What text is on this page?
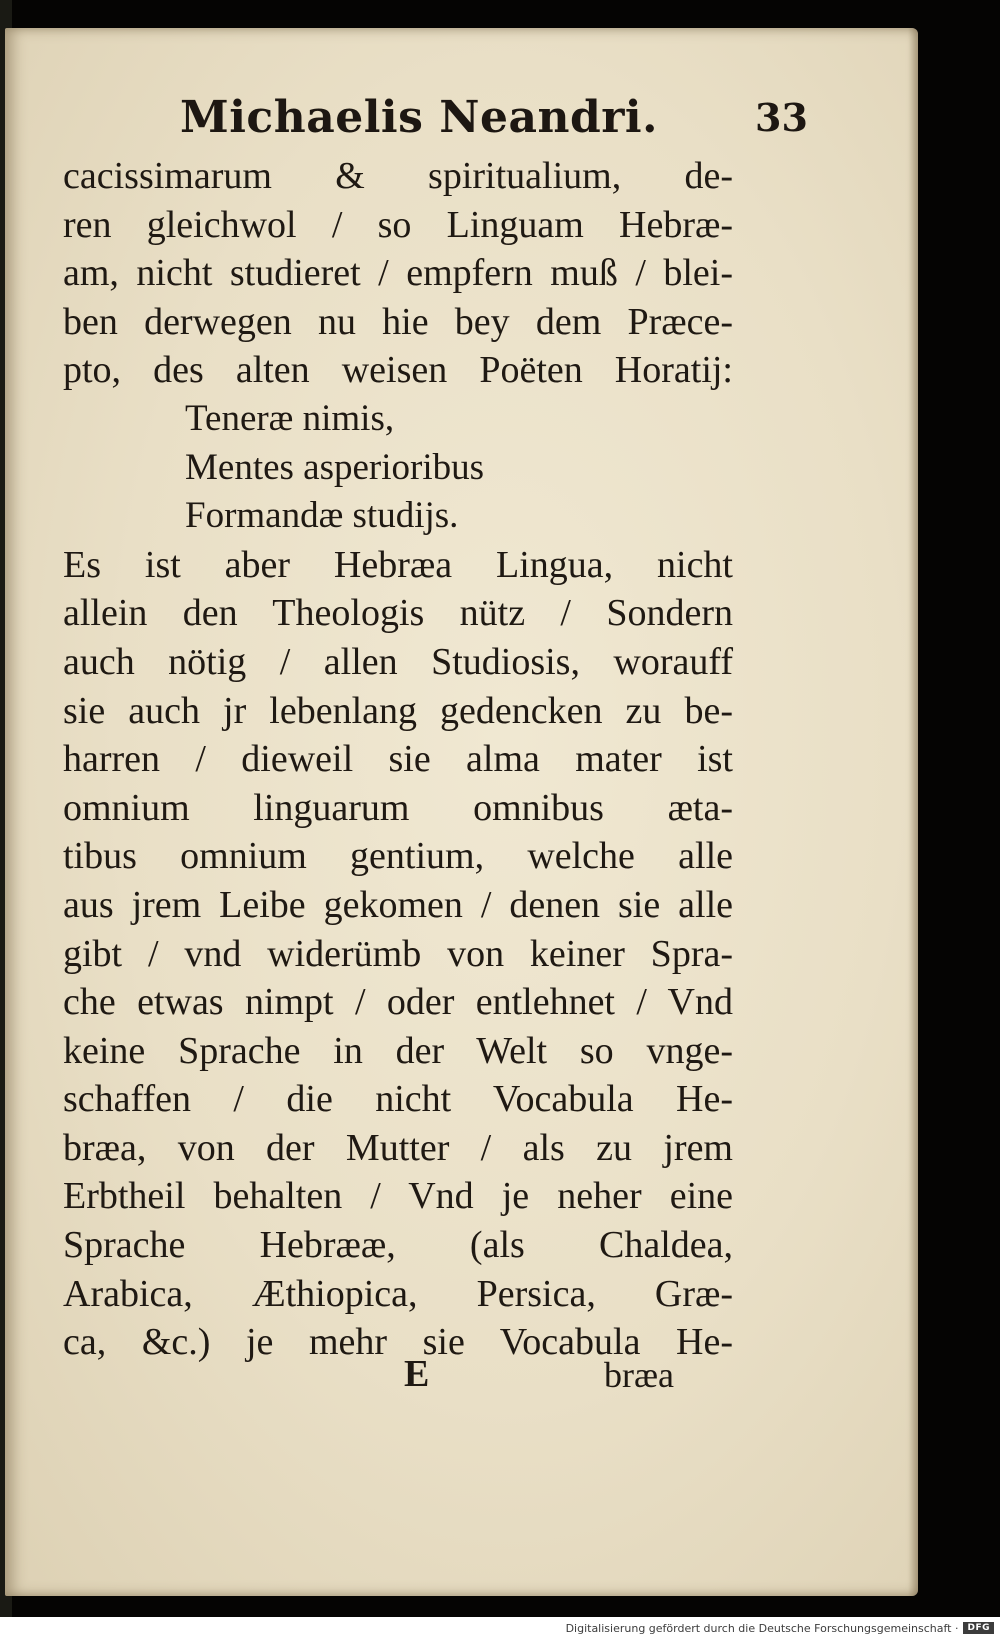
Michaelis Neandri.	33
cacissimarum & spiritualium, de‑
ren gleichwol / so Linguam Hebræ‑
am, nicht studieret / empfern muß / blei‑
ben derwegen nu hie bey dem Præce‑
pto, des alten weisen Poëten Horatij:
Teneræ nimis,
Mentes asperioribus
Formandæ studijs.
Es ist aber Hebræa Lingua, nicht
allein den Theologis nütz / Sondern
auch nötig / allen Studiosis, worauff
sie auch jr lebenlang gedencken zu be‑
harren / dieweil sie alma mater ist
omnium linguarum omnibus æta‑
tibus omnium gentium, welche alle
aus jrem Leibe gekomen / denen sie alle
gibt / vnd widerümb von keiner Spra‑
che etwas nimpt / oder entlehnet / Vnd
keine Sprache in der Welt so vnge‑
schaffen / die nicht Vocabula He‑
bræa, von der Mutter / als zu jrem
Erbtheil behalten / Vnd je neher eine
Sprache Hebrææ, (als Chaldea,
Arabica, Æthiopica, Persica, Græ‑
ca, &c.) je mehr sie Vocabula He‑
E	bræa
Digitalisierung gefördert durch die Deutsche Forschungsgemeinschaft ·	DFG
